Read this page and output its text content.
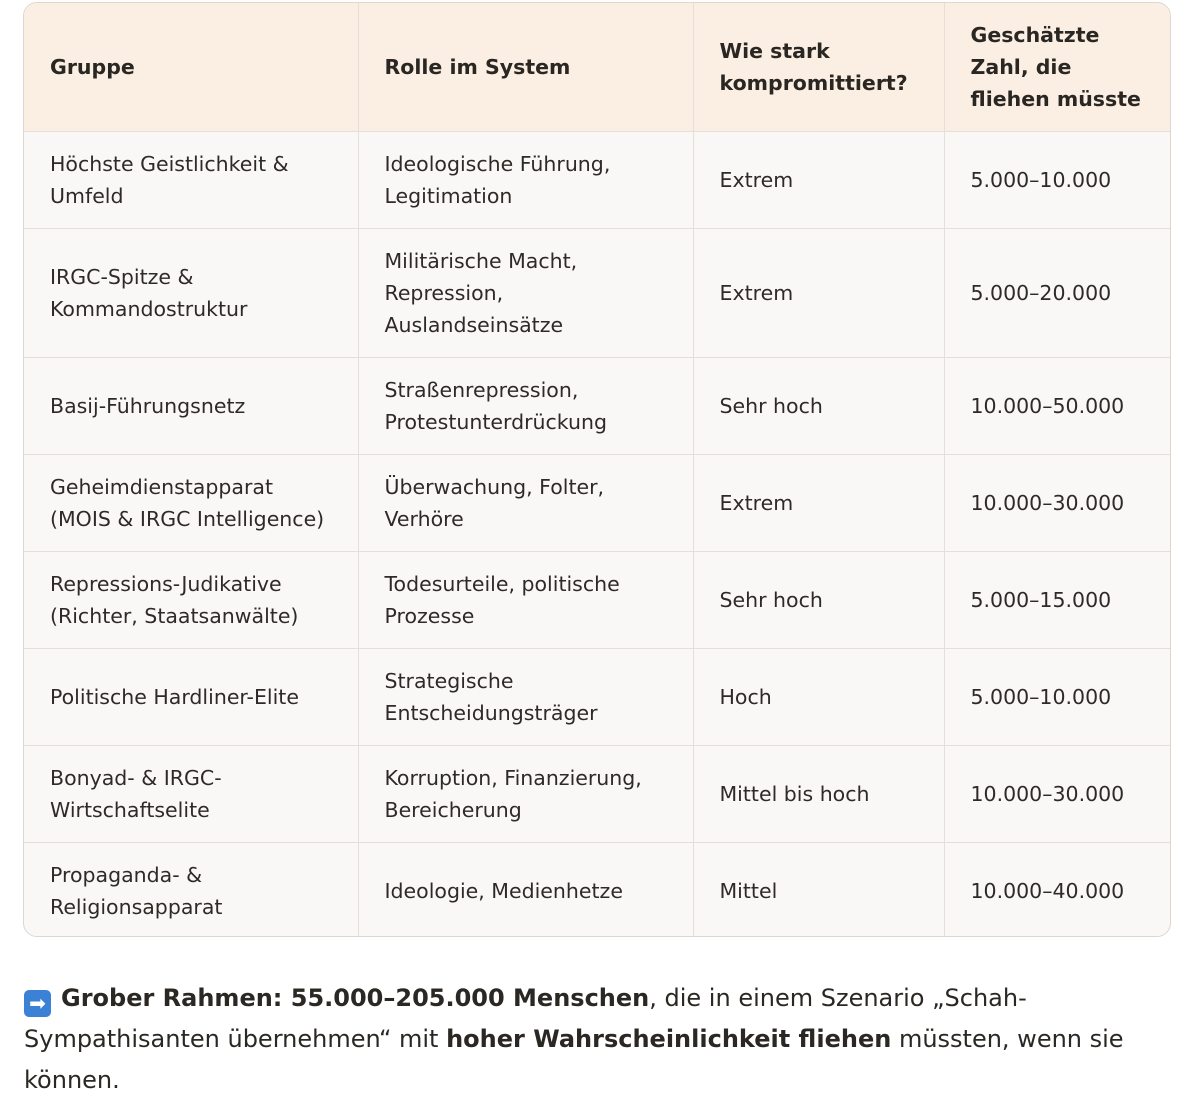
Gruppe	Rolle im System	Wie stark kompromittiert?	Geschätzte Zahl, die fliehen müsste
Höchste Geistlichkeit & Umfeld	Ideologische Führung, Legitimation	Extrem	5.000–10.000
IRGC-Spitze & Kommandostruktur	Militärische Macht, Repression, Auslandseinsätze	Extrem	5.000–20.000
Basij-Führungsnetz	Straßenrepression, Protestunterdrückung	Sehr hoch	10.000–50.000
Geheimdienstapparat (MOIS & IRGC Intelligence)	Überwachung, Folter, Verhöre	Extrem	10.000–30.000
Repressions-Judikative (Richter, Staatsanwälte)	Todesurteile, politische Prozesse	Sehr hoch	5.000–15.000
Politische Hardliner-Elite	Strategische Entscheidungsträger	Hoch	5.000–10.000
Bonyad- & IRGC-Wirtschaftselite	Korruption, Finanzierung, Bereicherung	Mittel bis hoch	10.000–30.000
Propaganda- & Religionsapparat	Ideologie, Medienhetze	Mittel	10.000–40.000

➡ Grober Rahmen: 55.000–205.000 Menschen, die in einem Szenario „Schah-Sympathisanten übernehmen“ mit hoher Wahrscheinlichkeit fliehen müssten, wenn sie können.
